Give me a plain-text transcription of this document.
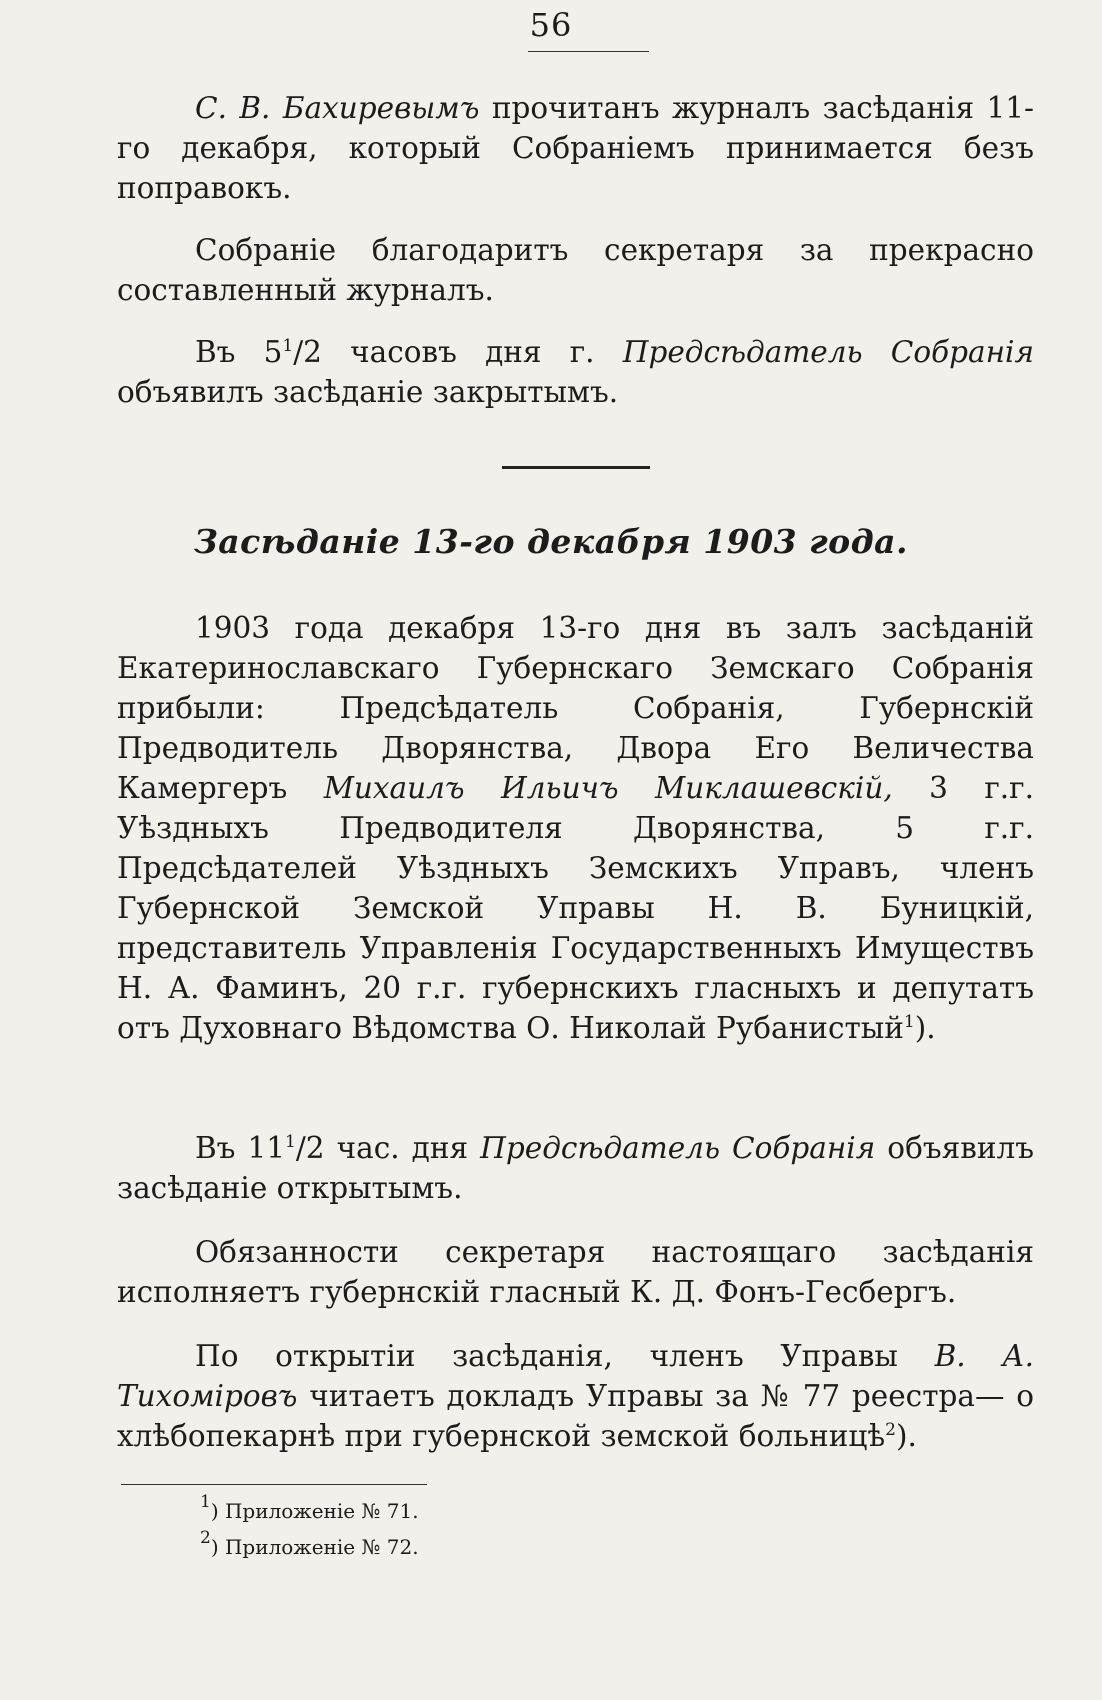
56

С. В. Бахиревымъ прочитанъ журналъ засѣданія 11-го декабря, который Собраніемъ принимается безъ поправокъ.

Собраніе благодаритъ секретаря за прекрасно составленный журналъ.

Въ $5^1/2$ часовъ дня г. Предсѣдатель Собранія объявилъ засѣданіе закрытымъ.

Засѣданіе 13-го декабря 1903 года.

1903 года декабря 13-го дня въ залъ засѣданій Екатеринославскаго Губернскаго Земскаго Собранія прибыли: Предсѣдатель Собранія, Губернскій Предводитель Дворянства, Двора Его Величества Камергеръ Михаилъ Ильичъ Миклашевскій, 3 г.г. Уѣздныхъ Предводителя Дворянства, 5 г.г. Предсѣдателей Уѣздныхъ Земскихъ Управъ, членъ Губернской Земской Управы Н. В. Буницкій, представитель Управленія Государственныхъ Имуществъ Н. А. Фаминъ, 20 г.г. губернскихъ гласныхъ и депутатъ отъ Духовнаго Вѣдомства О. Николай Рубанистый$^1$).

Въ $11^1/2$ час. дня Предсѣдатель Собранія объявилъ засѣданіе открытымъ.

Обязанности секретаря настоящаго засѣданія исполняетъ губернскій гласный К. Д. Фонъ-Гесбергъ.

По открытіи засѣданія, членъ Управы В. А. Тихоміровъ читаетъ докладъ Управы за № 77 реестра— о хлѣбопекарнѣ при губернской земской больницѣ$^2$).

$^1$) Приложеніе № 71.

$^2$) Приложеніе № 72.
